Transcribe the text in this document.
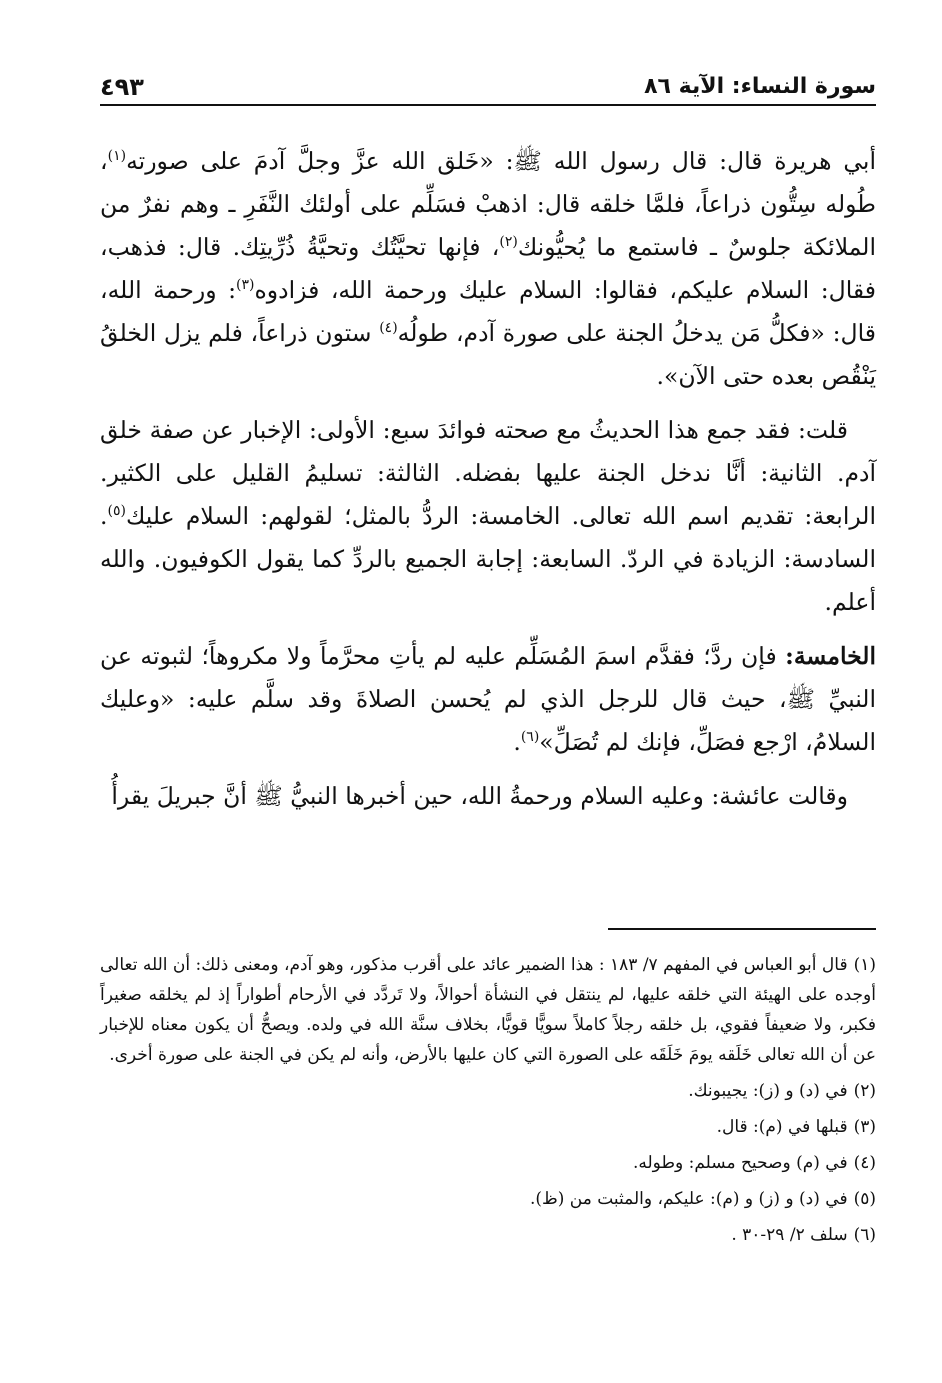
سورة النساء: الآية ٨٦
٤٩٣

أبي هريرة قال: قال رسول الله ﷺ: «خَلق الله عزَّ وجلَّ آدمَ على صورته$^{(١)}$، طُوله سِتُّون ذراعاً، فلمَّا خلقه قال: اذهبْ فسَلِّم على أولئك النَّفَرِ ـ وهم نفرٌ من الملائكة جلوسٌ ـ فاستمع ما يُحيُّونك$^{(٢)}$، فإنها تحيَّتُك وتحيَّةُ ذُرِّيتِك. قال: فذهب، فقال: السلام عليكم، فقالوا: السلام عليك ورحمة الله، فزادوه$^{(٣)}$: ورحمة الله، قال: «فكلُّ مَن يدخلُ الجنة على صورة آدم، طولُه$^{(٤)}$ ستون ذراعاً، فلم يزل الخلقُ يَنْقُص بعده حتى الآن».

قلت: فقد جمع هذا الحديثُ مع صحته فوائدَ سبع: الأولى: الإخبار عن صفة خلق آدم. الثانية: أنَّا ندخل الجنة عليها بفضله. الثالثة: تسليمُ القليل على الكثير. الرابعة: تقديم اسم الله تعالى. الخامسة: الردُّ بالمثل؛ لقولهم: السلام عليك$^{(٥)}$. السادسة: الزيادة في الردّ. السابعة: إجابة الجميع بالردِّ كما يقول الكوفيون. والله أعلم.

الخامسة: فإن ردَّ؛ فقدَّم اسمَ المُسَلِّم عليه لم يأتِ محرَّماً ولا مكروهاً؛ لثبوته عن النبيِّ ﷺ، حيث قال للرجل الذي لم يُحسن الصلاةَ وقد سلَّم عليه: «وعليك السلامُ، ارْجع فصَلِّ، فإنك لم تُصَلِّ»$^{(٦)}$.

وقالت عائشة: وعليه السلام ورحمةُ الله، حين أخبرها النبيُّ ﷺ أنَّ جبريلَ يقرأُ

(١)قال أبو العباس في المفهم ٧/ ١٨٣ : هذا الضمير عائد على أقرب مذكور، وهو آدم، ومعنى ذلك: أن الله تعالى أوجده على الهيئة التي خلقه عليها، لم ينتقل في النشأة أحوالاً، ولا تَردَّد في الأرحام أطواراً إذ لم يخلقه صغيراً فكبر، ولا ضعيفاً فقوي، بل خلقه رجلاً كاملاً سويًّا قويًّا، بخلاف سنَّة الله في ولده. ويصحُّ أن يكون معناه للإخبار عن أن الله تعالى خَلَقه يومَ خَلَقَه على الصورة التي كان عليها بالأرض، وأنه لم يكن في الجنة على صورة أخرى.
(٢)في (د) و (ز): يجيبونك.
(٣)قبلها في (م): قال.
(٤)في (م) وصحيح مسلم: وطوله.
(٥)في (د) و (ز) و (م): عليكم، والمثبت من (ظ).
(٦)سلف ٢/ ٢٩-٣٠ .
